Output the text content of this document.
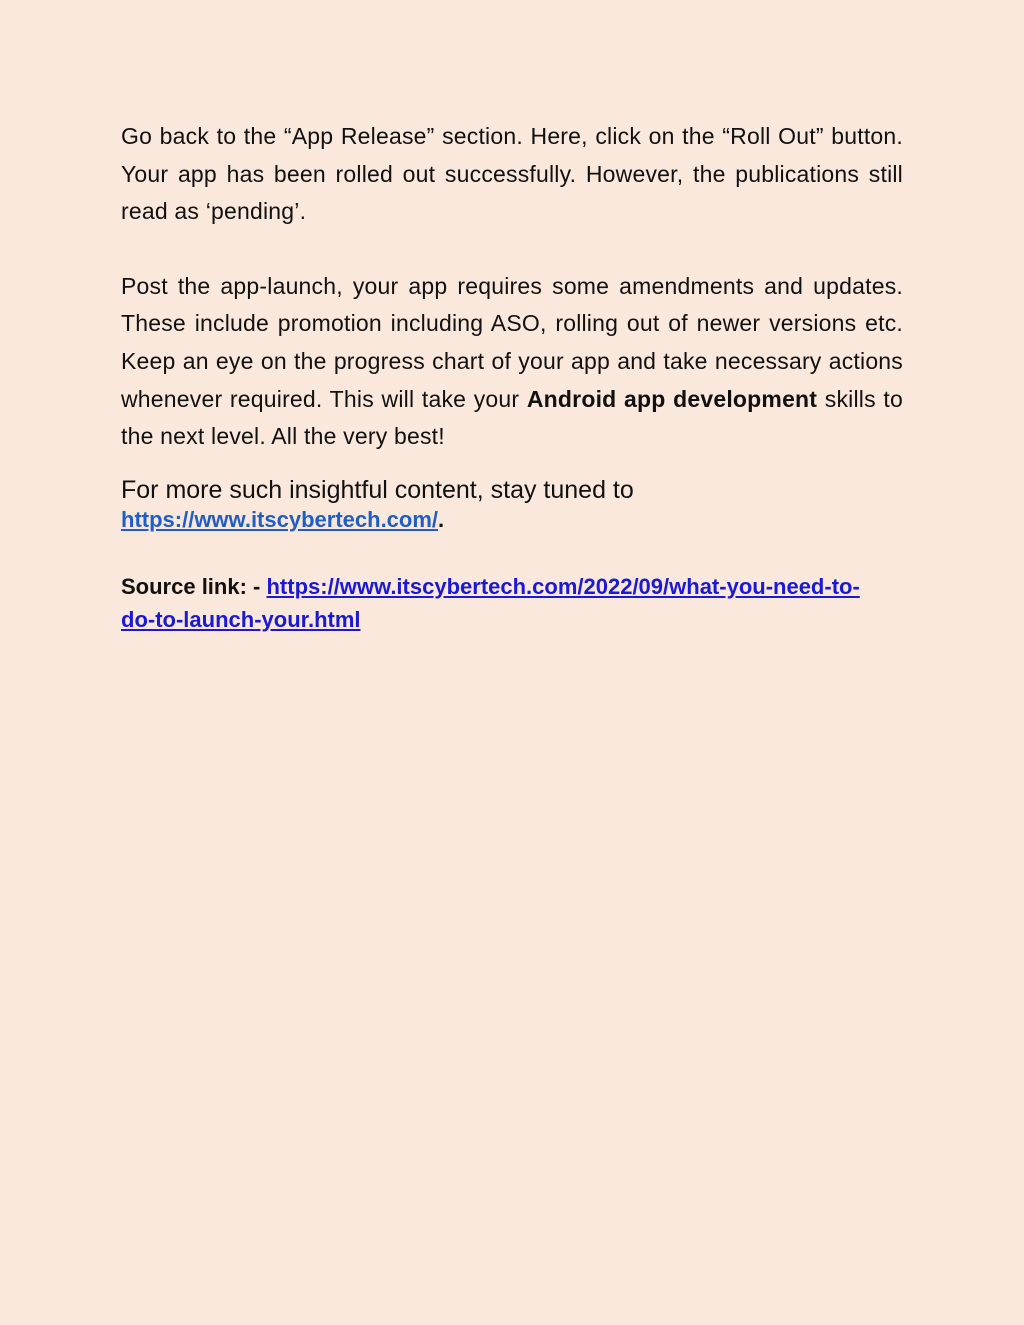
Go back to the “App Release” section. Here, click on the “Roll Out” button. Your app has been rolled out successfully. However, the publications still read as ‘pending’.

Post the app-launch, your app requires some amendments and updates. These include promotion including ASO, rolling out of newer versions etc. Keep an eye on the progress chart of your app and take necessary actions whenever required. This will take your Android app development skills to the next level. All the very best!

For more such insightful content, stay tuned to

https://www.itscybertech.com/.

Source link: - https://www.itscybertech.com/2022/09/what-you-need-to-do-to-launch-your.html
